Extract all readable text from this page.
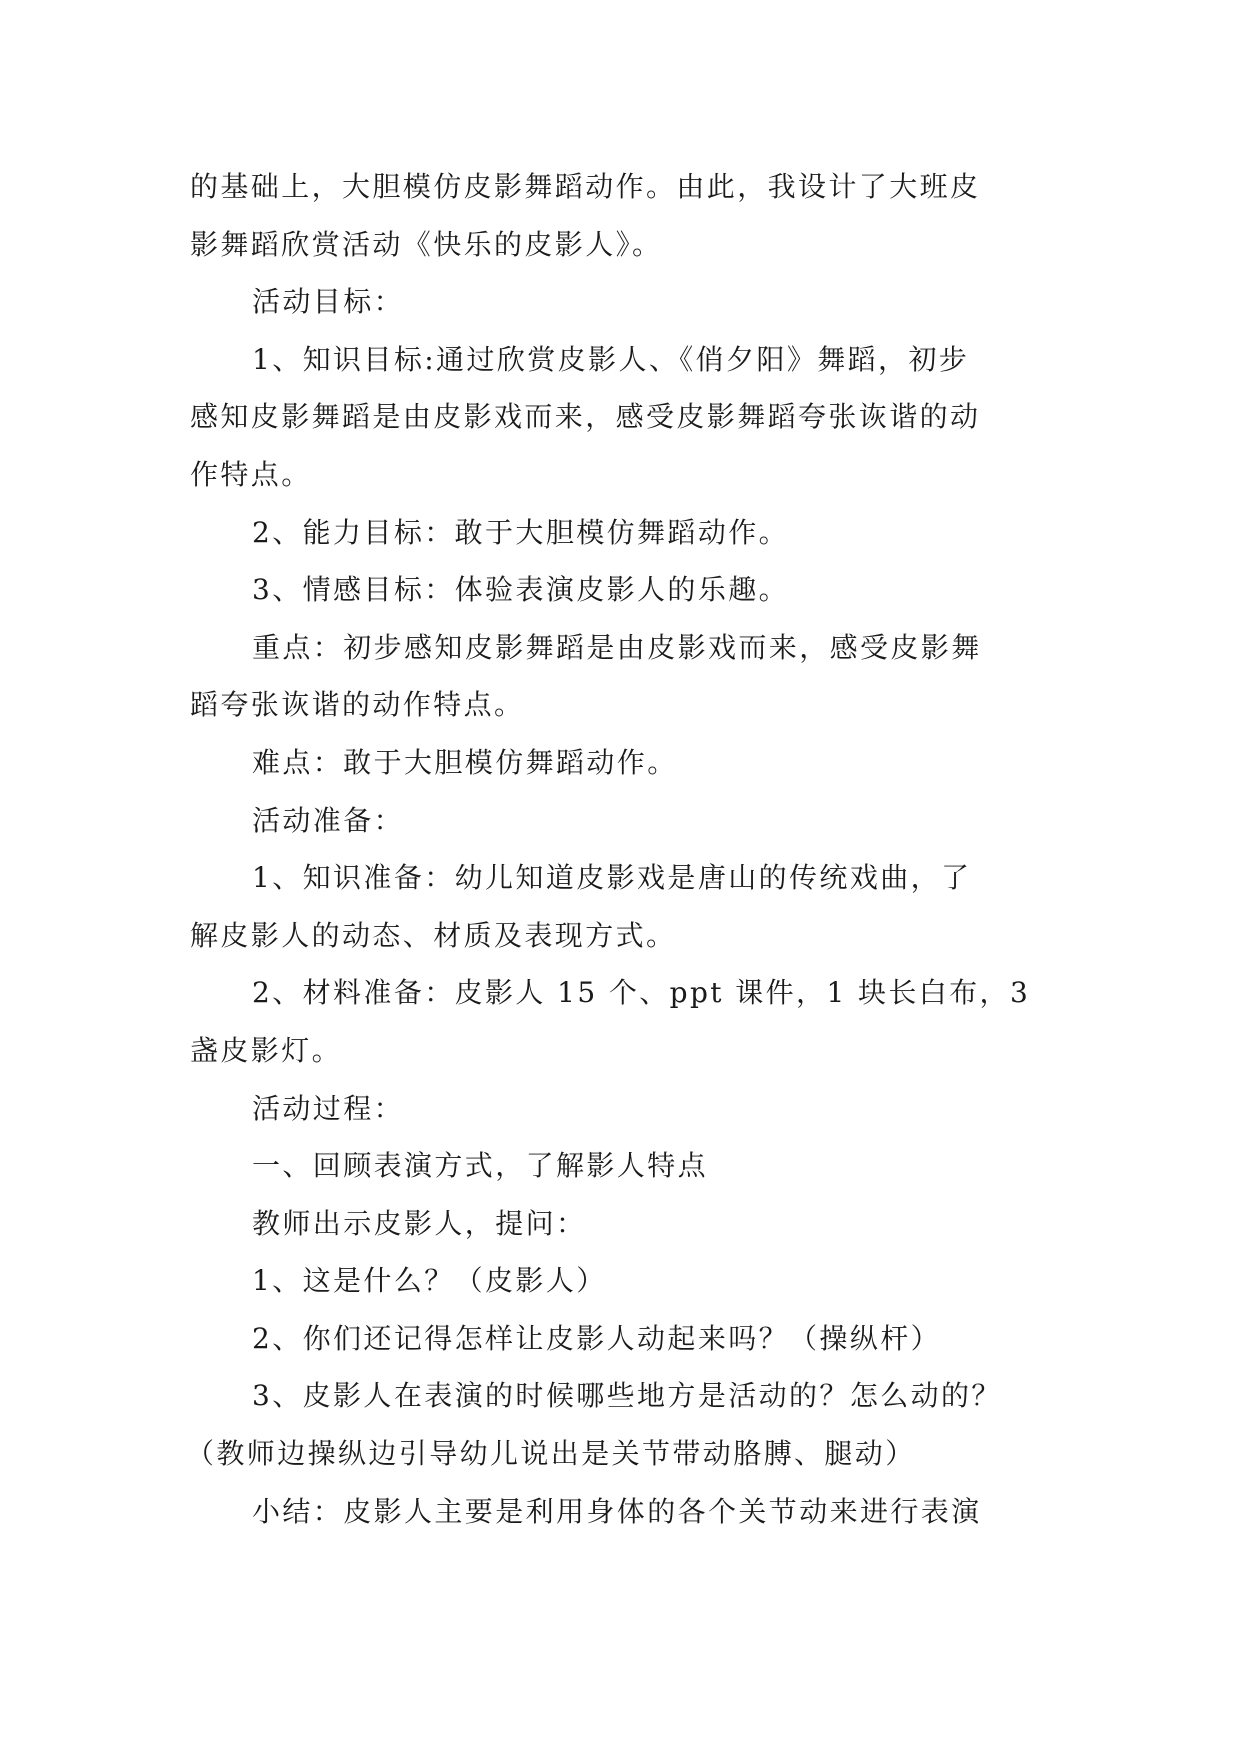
的基础上，大胆模仿皮影舞蹈动作。由此，我设计了大班皮
影舞蹈欣赏活动《快乐的皮影人》。
活动目标：
1、知识目标:通过欣赏皮影人、《俏夕阳》舞蹈，初步
感知皮影舞蹈是由皮影戏而来，感受皮影舞蹈夸张诙谐的动
作特点。
2、能力目标：敢于大胆模仿舞蹈动作。
3、情感目标：体验表演皮影人的乐趣。
重点：初步感知皮影舞蹈是由皮影戏而来，感受皮影舞
蹈夸张诙谐的动作特点。
难点：敢于大胆模仿舞蹈动作。
活动准备：
1、知识准备：幼儿知道皮影戏是唐山的传统戏曲，了
解皮影人的动态、材质及表现方式。
2、材料准备：皮影人 15 个、ppt 课件，1 块长白布，3
盏皮影灯。
活动过程：
一、回顾表演方式，了解影人特点
教师出示皮影人，提问：
1、这是什么？（皮影人）
2、你们还记得怎样让皮影人动起来吗？（操纵杆）
3、皮影人在表演的时候哪些地方是活动的？怎么动的？
（教师边操纵边引导幼儿说出是关节带动胳膊、腿动）
小结：皮影人主要是利用身体的各个关节动来进行表演
